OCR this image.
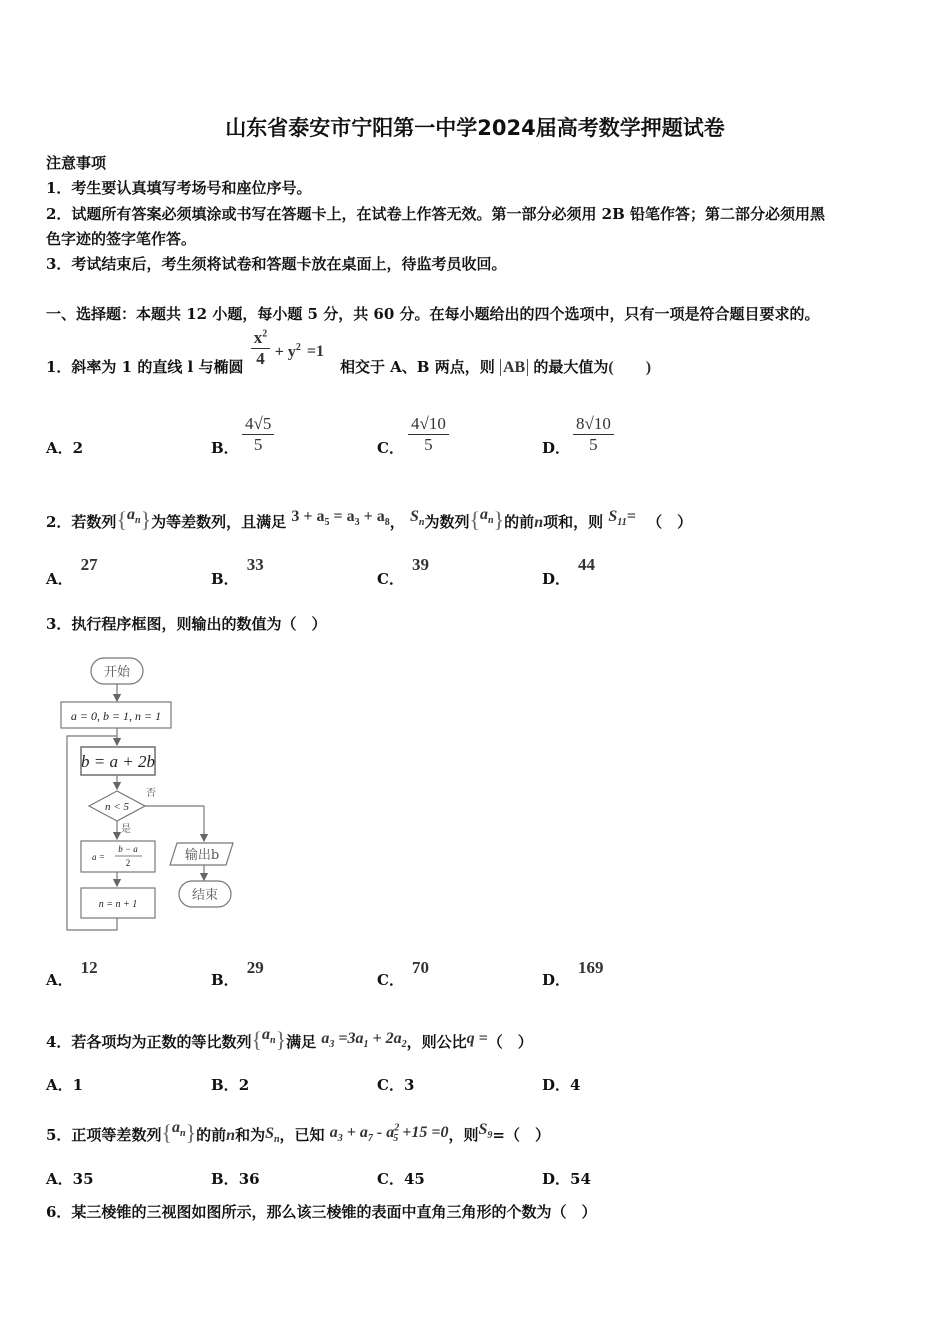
山东省泰安市宁阳第一中学2024届高考数学押题试卷
注意事项
1．考生要认真填写考场号和座位序号。
2．试题所有答案必须填涂或书写在答题卡上，在试卷上作答无效。第一部分必须用 2B 铅笔作答；第二部分必须用黑
色字迹的签字笔作答。
3．考试结束后，考生须将试卷和答题卡放在桌面上，待监考员收回。
一、选择题：本题共 12 小题，每小题 5 分，共 60 分。在每小题给出的四个选项中，只有一项是符合题目要求的。
1．斜率为 1 的直线 l 与椭圆 $\frac{x^2}{4} + y^2 =1$
相交于 A、B 两点，则 AB 的最大值为(　　)
A．2	B． $\frac{4√5}{5}$	C． $\frac{4√10}{5}$	D． $\frac{8√10}{5}$
2．若数列$\{a_n\}$为等差数列，且满足 $3 + a_5 = a_3 + a_8$， $S_n$为数列$\{a_n\}$的前n项和，则 $S_{11}=$ （　）
A．27
B．33
C．39
D．44
3．执行程序框图，则输出的数值为（　）
开始
a = 0, b = 1, n = 1
b = a + 2b
n < 5
否
是
a =
b − a
2
n = n + 1
输出b
结束
A．12
B．29
C．70
D．169
4．若各项均为正数的等比数列$\{a_n\}$满足 $a_3 =3a_1 + 2a_2$，则公比q =（　）
A．1	B．2	C．3	D．4
5．正项等差数列$\{a_n\}$的前n和为$S_n$，已知 $a_3 + a_7 - a^2_5 +15 =0$，则$S_9=$（　）
A．35	B．36	C．45	D．54
6．某三棱锥的三视图如图所示，那么该三棱锥的表面中直角三角形的个数为（　）
